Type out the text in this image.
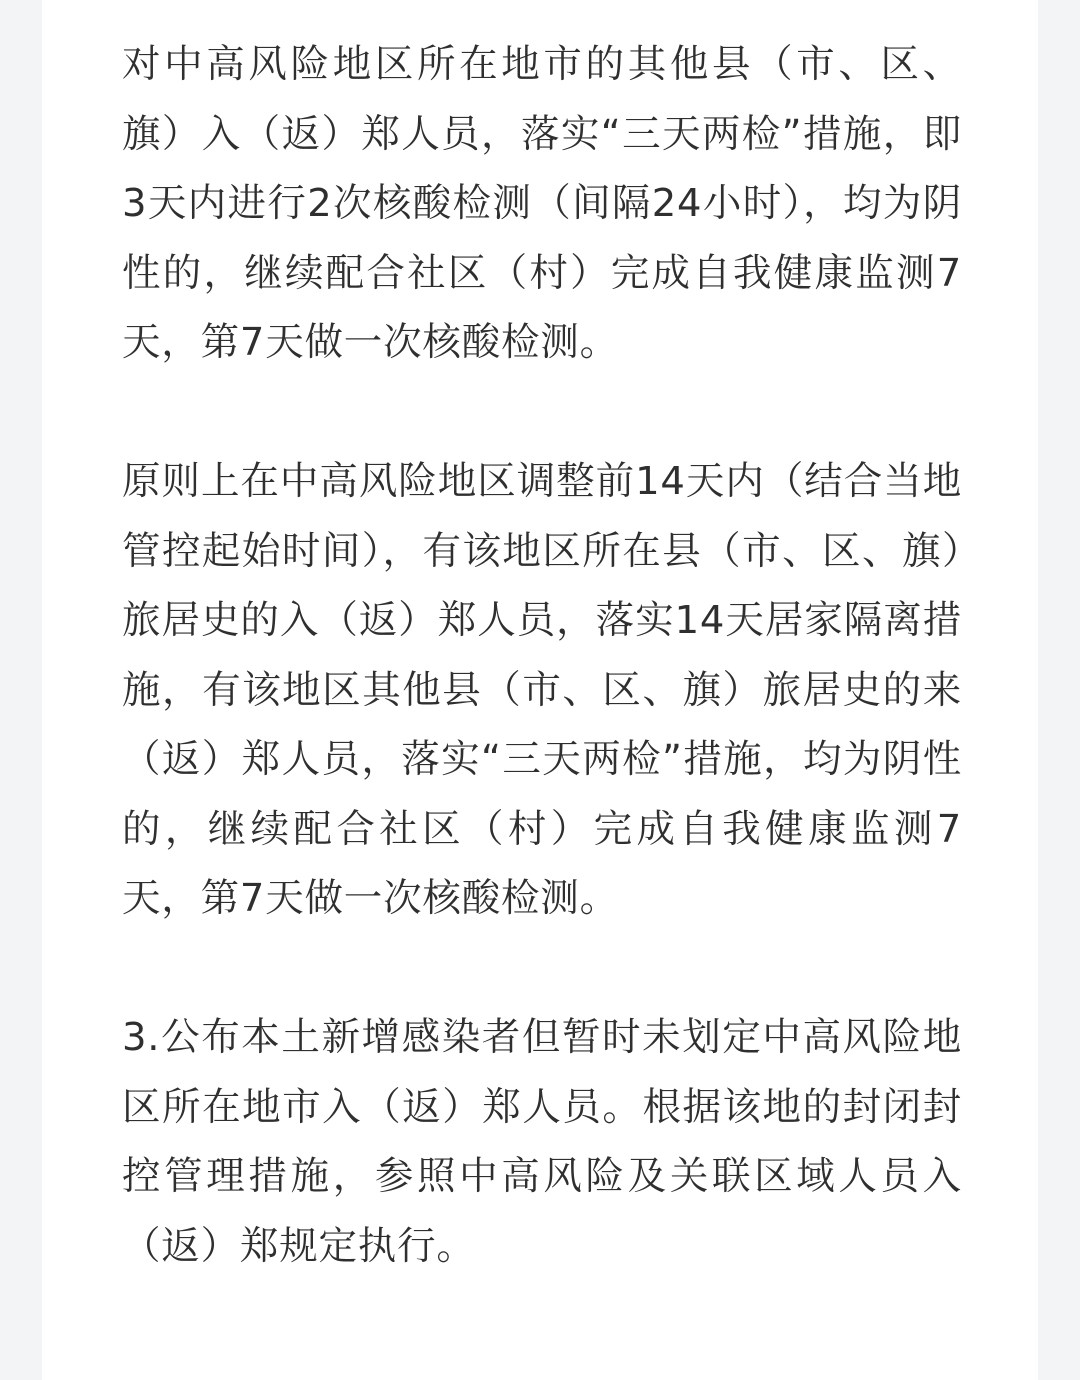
对中高风险地区所在地市的其他县（市、区、旗）入（返）郑人员，落实“三天两检”措施，即3天内进行2次核酸检测（间隔24小时），均为阴性的，继续配合社区（村）完成自我健康监测7天，第7天做一次核酸检测。

原则上在中高风险地区调整前14天内（结合当地管控起始时间），有该地区所在县（市、区、旗）旅居史的入（返）郑人员，落实14天居家隔离措施，有该地区其他县（市、区、旗）旅居史的来（返）郑人员，落实“三天两检”措施，均为阴性的，继续配合社区（村）完成自我健康监测7天，第7天做一次核酸检测。

3.公布本土新增感染者但暂时未划定中高风险地区所在地市入（返）郑人员。根据该地的封闭封控管理措施，参照中高风险及关联区域人员入（返）郑规定执行。
